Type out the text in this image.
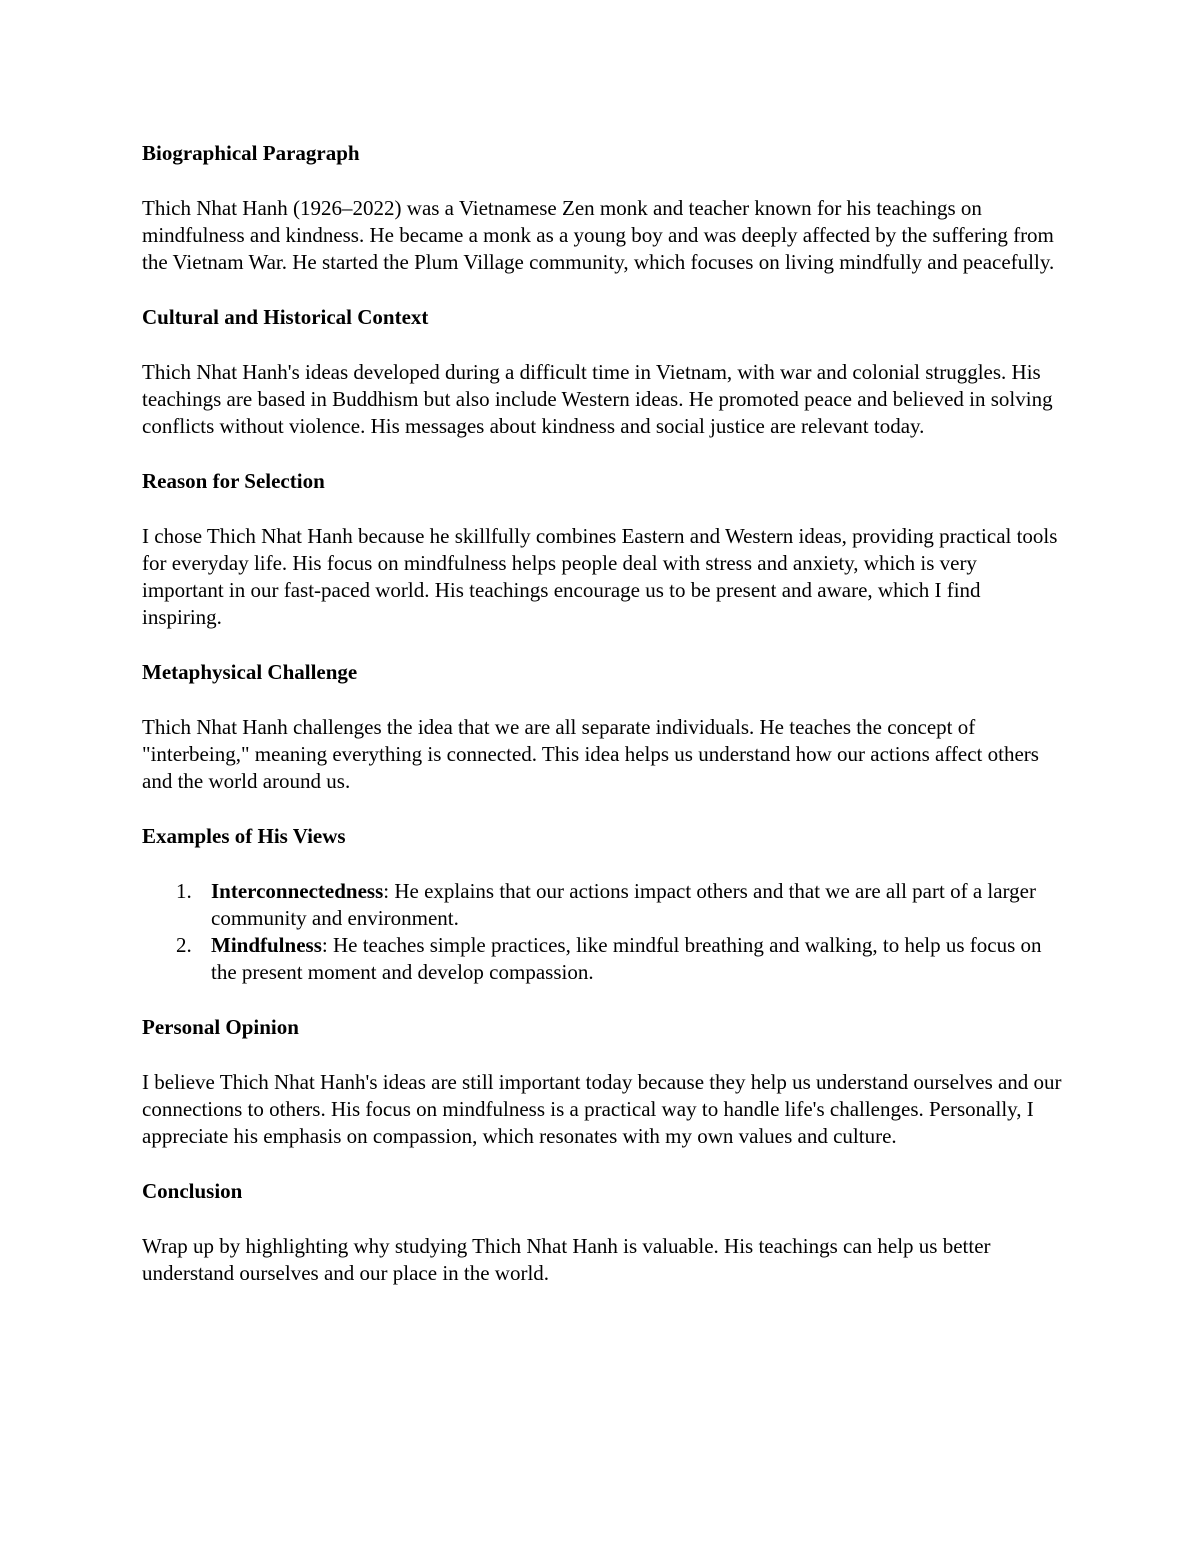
Biographical Paragraph

Thich Nhat Hanh (1926–2022) was a Vietnamese Zen monk and teacher known for his teachings on mindfulness and kindness. He became a monk as a young boy and was deeply affected by the suffering from the Vietnam War. He started the Plum Village community, which focuses on living mindfully and peacefully.

Cultural and Historical Context

Thich Nhat Hanh's ideas developed during a difficult time in Vietnam, with war and colonial struggles. His teachings are based in Buddhism but also include Western ideas. He promoted peace and believed in solving conflicts without violence. His messages about kindness and social justice are relevant today.

Reason for Selection

I chose Thich Nhat Hanh because he skillfully combines Eastern and Western ideas, providing practical tools for everyday life. His focus on mindfulness helps people deal with stress and anxiety, which is very important in our fast-paced world. His teachings encourage us to be present and aware, which I find inspiring.

Metaphysical Challenge

Thich Nhat Hanh challenges the idea that we are all separate individuals. He teaches the concept of "interbeing," meaning everything is connected. This idea helps us understand how our actions affect others and the world around us.

Examples of His Views
1. Interconnectedness: He explains that our actions impact others and that we are all part of a larger community and environment.
2. Mindfulness: He teaches simple practices, like mindful breathing and walking, to help us focus on the present moment and develop compassion.
Personal Opinion

I believe Thich Nhat Hanh's ideas are still important today because they help us understand ourselves and our connections to others. His focus on mindfulness is a practical way to handle life's challenges. Personally, I appreciate his emphasis on compassion, which resonates with my own values and culture.

Conclusion

Wrap up by highlighting why studying Thich Nhat Hanh is valuable. His teachings can help us better understand ourselves and our place in the world.
